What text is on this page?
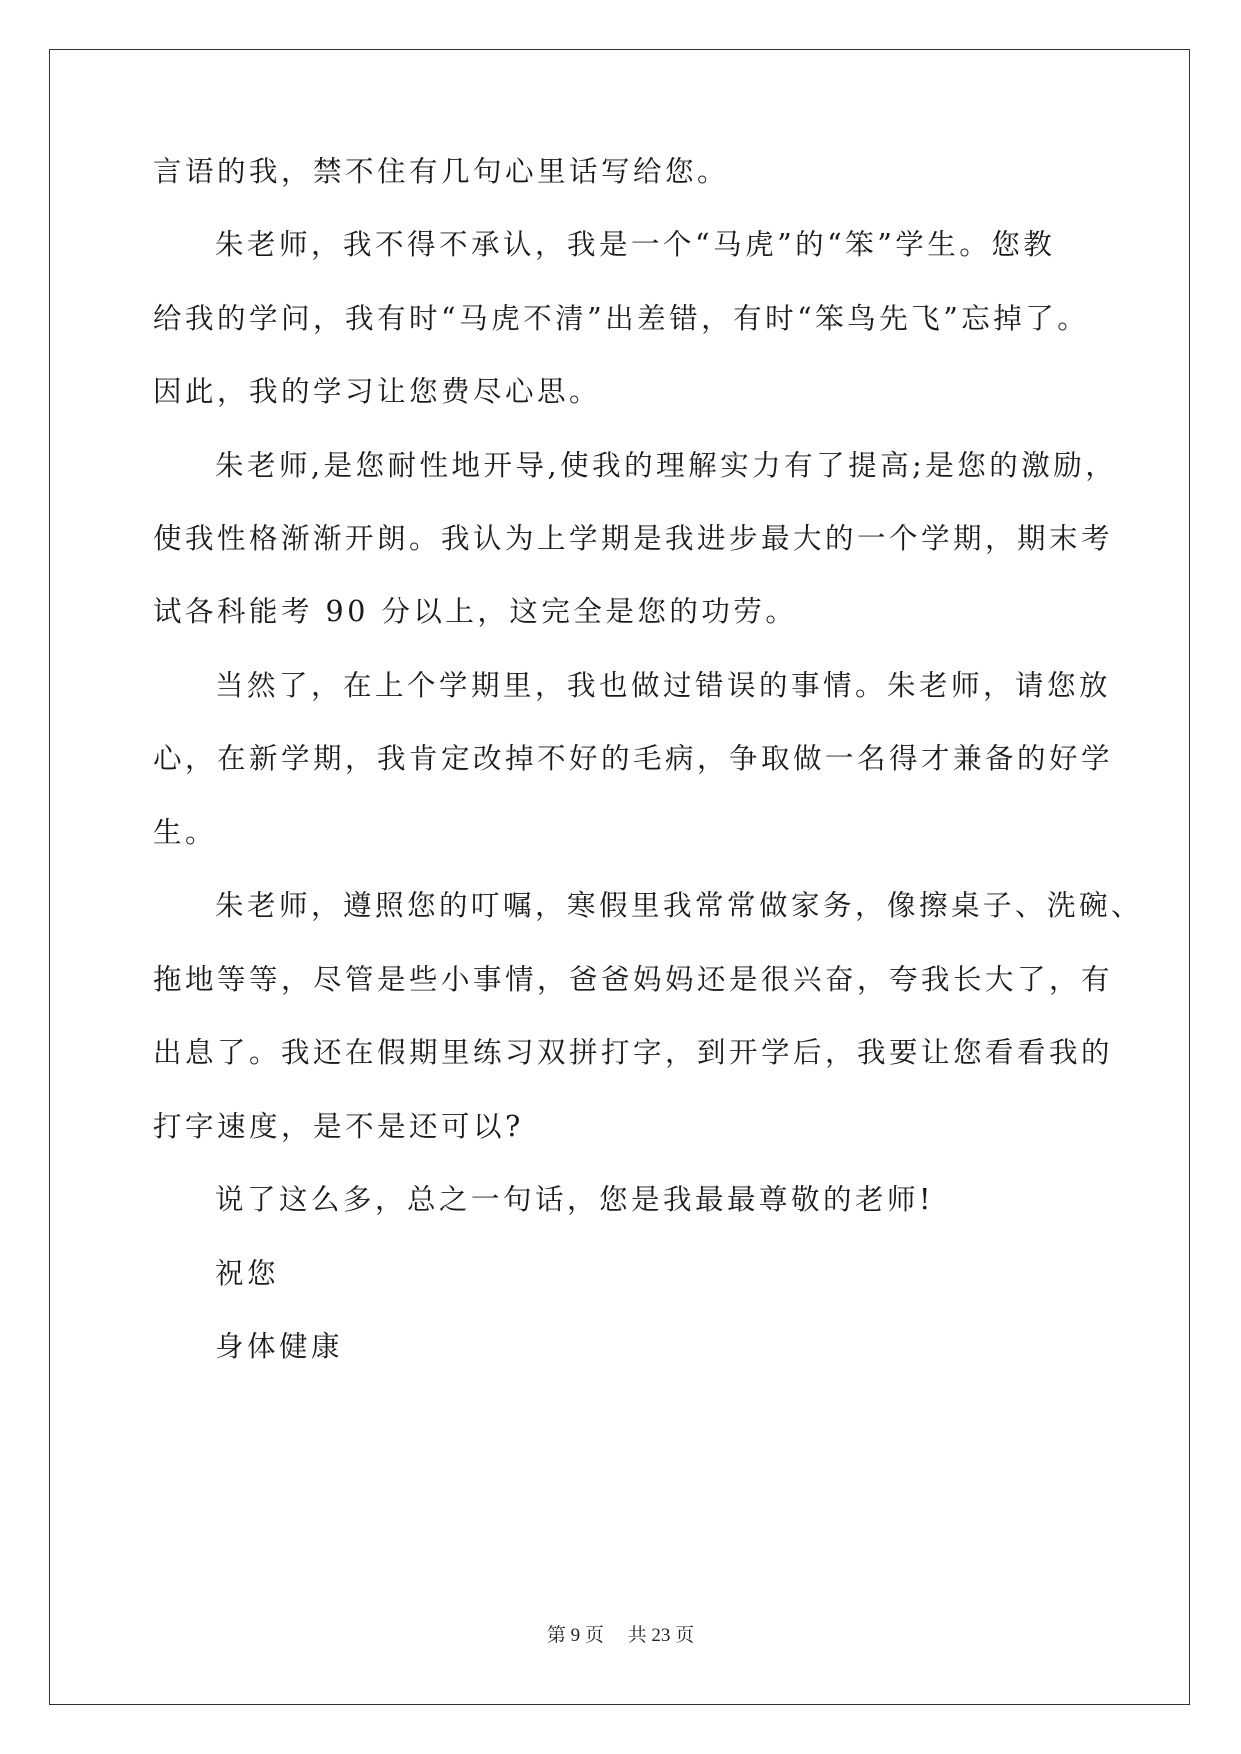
言语的我，禁不住有几句心里话写给您。
朱老师，我不得不承认，我是一个“马虎”的“笨”学生。您教
给我的学问，我有时“马虎不清”出差错，有时“笨鸟先飞”忘掉了。
因此，我的学习让您费尽心思。
朱老师,是您耐性地开导,使我的理解实力有了提高;是您的激励，
使我性格渐渐开朗。我认为上学期是我进步最大的一个学期，期末考
试各科能考 90 分以上，这完全是您的功劳。
当然了，在上个学期里，我也做过错误的事情。朱老师，请您放
心，在新学期，我肯定改掉不好的毛病，争取做一名得才兼备的好学
生。
朱老师，遵照您的叮嘱，寒假里我常常做家务，像擦桌子、洗碗、
拖地等等，尽管是些小事情，爸爸妈妈还是很兴奋，夸我长大了，有
出息了。我还在假期里练习双拼打字，到开学后，我要让您看看我的
打字速度，是不是还可以?
说了这么多，总之一句话，您是我最最尊敬的老师!
祝您
身体健康
第 9 页　 共 23 页
